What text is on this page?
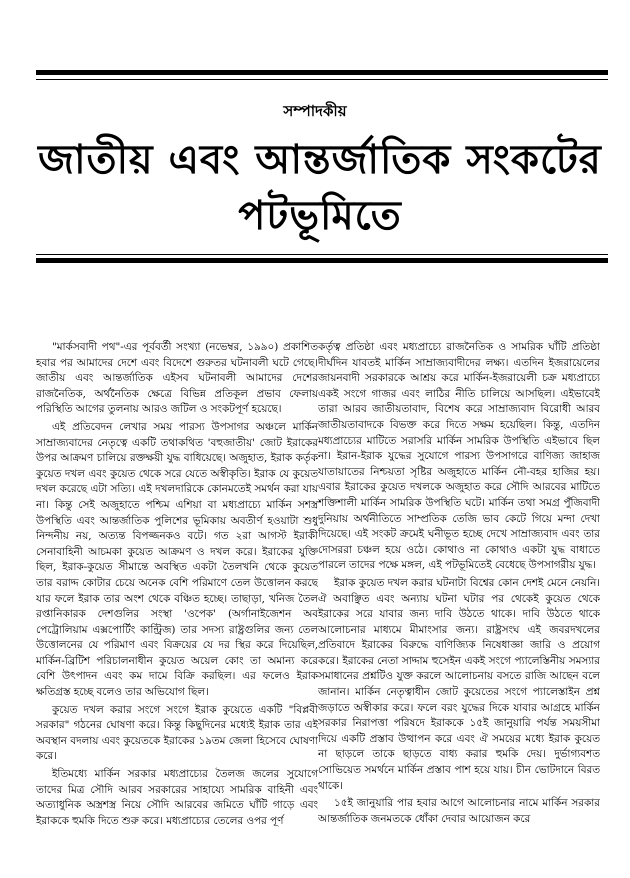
সম্পাদকীয়
জাতীয় এবং আন্তর্জাতিক সংকটের
পটভূমিতে

"মার্কসবাদী পথ"-এর পূর্ববর্তী সংখ্যা (নভেম্বর, ১৯৯০) প্রকাশিত হবার পর আমাদের দেশে এবং বিদেশে গুরুতর ঘটনাবলী ঘটে গেছে। জাতীয় এবং আন্তর্জাতিক এইসব ঘটনাবলী আমাদের দেশের রাজনৈতিক, অর্থনৈতিক ক্ষেত্রে বিভিন্ন প্রতিকূল প্রভাব ফেলায় পরিস্থিতি আগের তুলনায় আরও জটিল ও সংকটপূর্ণ হয়েছে।

এই প্রতিবেদন লেখার সময় পারস্য উপসাগর অঞ্চলে মার্কিন সাম্রাজ্যবাদের নেতৃত্বে একটি তথাকথিত 'বহুজাতীয়' জোট ইরাকের উপর আক্রমণ চালিয়ে রক্তক্ষয়ী যুদ্ধ বাধিয়েছে। অজুহাত, ইরাক কর্তৃক কুয়েত দখল এবং কুয়েত থেকে সরে যেতে অস্বীকৃতি। ইরাক যে কুয়েত দখল করেছে এটা সত্যি। এই দখলদারিকে কোনমতেই সমর্থন করা যায় না। কিন্তু সেই অজুহাতে পশ্চিম এশিয়া বা মধ্যপ্রাচ্যে মার্কিন সশস্ত্র উপস্থিতি এবং আন্তর্জাতিক পুলিশের ভূমিকায় অবতীর্ণ হওয়াটা শুধু নিন্দনীয় নয়, অত্যন্ত বিপজ্জনকও বটে। গত ২রা আগস্ট ইরাকী সেনাবাহিনী আচমকা কুয়েত আক্রমণ ও দখল করে। ইরাকের যুক্তি ছিল, ইরাক-কুয়েত সীমান্তে অবস্থিত একটা তৈলখনি থেকে কুয়েত তার বরাদ্দ কোটার চেয়ে অনেক বেশি পরিমাণে তেল উত্তোলন করছে যার ফলে ইরাক তার অংশ থেকে বঞ্চিত হচ্ছে। তাছাড়া, খনিজ তৈল রপ্তানিকারক দেশগুলির সংস্থা 'ওপেক' (অর্গানাইজেশন অব পেট্রোলিয়াম এক্সপোর্টিং কান্ট্রিজ) তার সদস্য রাষ্ট্রগুলির জন্য তেল উত্তোলনের যে পরিমাণ এবং বিক্রয়ের যে দর স্থির করে দিয়েছিল, মার্কিন-ব্রিটিশ পরিচালনাধীন কুয়েত অয়েল কোং তা অমান্য করে বেশি উৎপাদন এবং কম দামে বিক্রি করছিল। এর ফলেও ইরাক ক্ষতিগ্রস্ত হচ্ছে বলেও তার অভিযোগ ছিল।

কুয়েত দখল করার সংগে সংগে ইরাক কুয়েতে একটি "বিপ্লবী সরকার" গঠনের ঘোষণা করে। কিন্তু কিছুদিনের মধ্যেই ইরাক তার এই অবস্থান বদলায় এবং কুয়েতকে ইরাকের ১৯তম জেলা হিসেবে ঘোষণা করে।

ইতিমধ্যে মার্কিন সরকার মধ্যপ্রাচ্যের তৈলজ জলের সুযোগে তাদের মিত্র সৌদি আরব সরকারের সাহায্যে সামরিক বাহিনী এবং অত্যাধুনিক অস্ত্রশস্ত্র নিয়ে সৌদি আরবের জমিতে ঘাঁটি গাড়ে এবং ইরাককে হুমকি দিতে শুরু করে। মধ্যপ্রাচ্যের তেলের ওপর পূর্ণ

কর্তৃত্ব প্রতিষ্ঠা এবং মধ্যপ্রাচ্যে রাজনৈতিক ও সামরিক ঘাঁটি প্রতিষ্ঠা দীর্ঘদিন যাবতই মার্কিন সাম্রাজ্যবাদীদের লক্ষ্য। এতদিন ইজরায়েলের জায়নবাদী সরকারকে আশ্রয় করে মার্কিন-ইজরায়েলী চক্র মধ্যপ্রাচ্যে একই সংগে গাজর এবং লাঠির নীতি চালিয়ে আসছিল। এইভাবেই তারা আরব জাতীয়তাবাদ, বিশেষ করে সাম্রাজ্যবাদ বিরোধী আরব জাতীয়তাবাদকে বিভক্ত করে দিতে সক্ষম হয়েছিল। কিন্তু, এতদিন মধ্যপ্রাচ্যের মাটিতে সরাসরি মার্কিন সামরিক উপস্থিতি এইভাবে ছিল না। ইরান-ইরাক যুদ্ধের সুযোগে পারস্য উপসাগরে বাণিজ্য জাহাজ যাতায়াতের নিশ্চয়তা সৃষ্টির অজুহাতে মার্কিন নৌ-বহর হাজির হয়। এবার ইরাকের কুয়েত দখলকে অজুহাত করে সৌদি আরবের মাটিতে শক্তিশালী মার্কিন সামরিক উপস্থিতি ঘটে। মার্কিন তথা সমগ্র পুঁজিবাদী দুনিয়ায় অর্থনীতিতে সাম্প্রতিক তেজি ভাব কেটে গিয়ে মন্দা দেখা দিয়েছে। এই সংকট ক্রমেই ঘনীভূত হচ্ছে দেখে সাম্রাজ্যবাদ এবং তার দোসররা চঞ্চল হয়ে ওঠে। কোথাও না কোথাও একটা যুদ্ধ বাধাতে পারলে তাদের পক্ষে মঙ্গল, এই পটভূমিতেই বেধেছে উপসাগরীয় যুদ্ধ।

ইরাক কুয়েত দখল করার ঘটনাটা বিশ্বের কোন দেশই মেনে নেয়নি। ঐ অবাঞ্ছিত এবং অন্যায় ঘটনা ঘটার পর থেকেই কুয়েত থেকে ইরাকের সরে যাবার জন্য দাবি উঠতে থাকে। দাবি উঠতে থাকে আলোচনার মাধ্যমে মীমাংসার জন্য। রাষ্ট্রসংঘ এই জবরদখলের প্রতিবাদে ইরাকের বিরুদ্ধে বাণিজ্যিক নিষেধাজ্ঞা জারি ও প্রয়োগ করে। ইরাকের নেতা সাদ্দাম হুসেইন একই সংগে প্যালেস্তিনীয় সমস্যার সমাধানের প্রশ্নটিও যুক্ত করলে আলোচনায় বসতে রাজি আছেন বলে জানান। মার্কিন নেতৃত্বাধীন জোট কুয়েতের সংগে প্যালেস্তাইন প্রশ্ন জড়াতে অস্বীকার করে। ফলে বরং যুদ্ধের দিকে যাবার আগ্রহে মার্কিন সরকার নিরাপত্তা পরিষদে ইরাককে ১৫ই জানুয়ারি পর্যন্ত সময়সীমা দিয়ে একটি প্রস্তাব উত্থাপন করে এবং ঐ সময়ের মধ্যে ইরাক কুয়েত না ছাড়লে তাকে ছাড়তে বাধ্য করার হুমকি দেয়। দুর্ভাগ্যবশত সোভিয়েত সমর্থনে মার্কিন প্রস্তাব পাশ হয়ে যায়। চীন ভোটদানে বিরত থাকে।

১৫ই জানুয়ারি পার হবার আগে আলোচনার নামে মার্কিন সরকার আন্তর্জাতিক জনমতকে ধোঁকা দেবার আয়োজন করে
